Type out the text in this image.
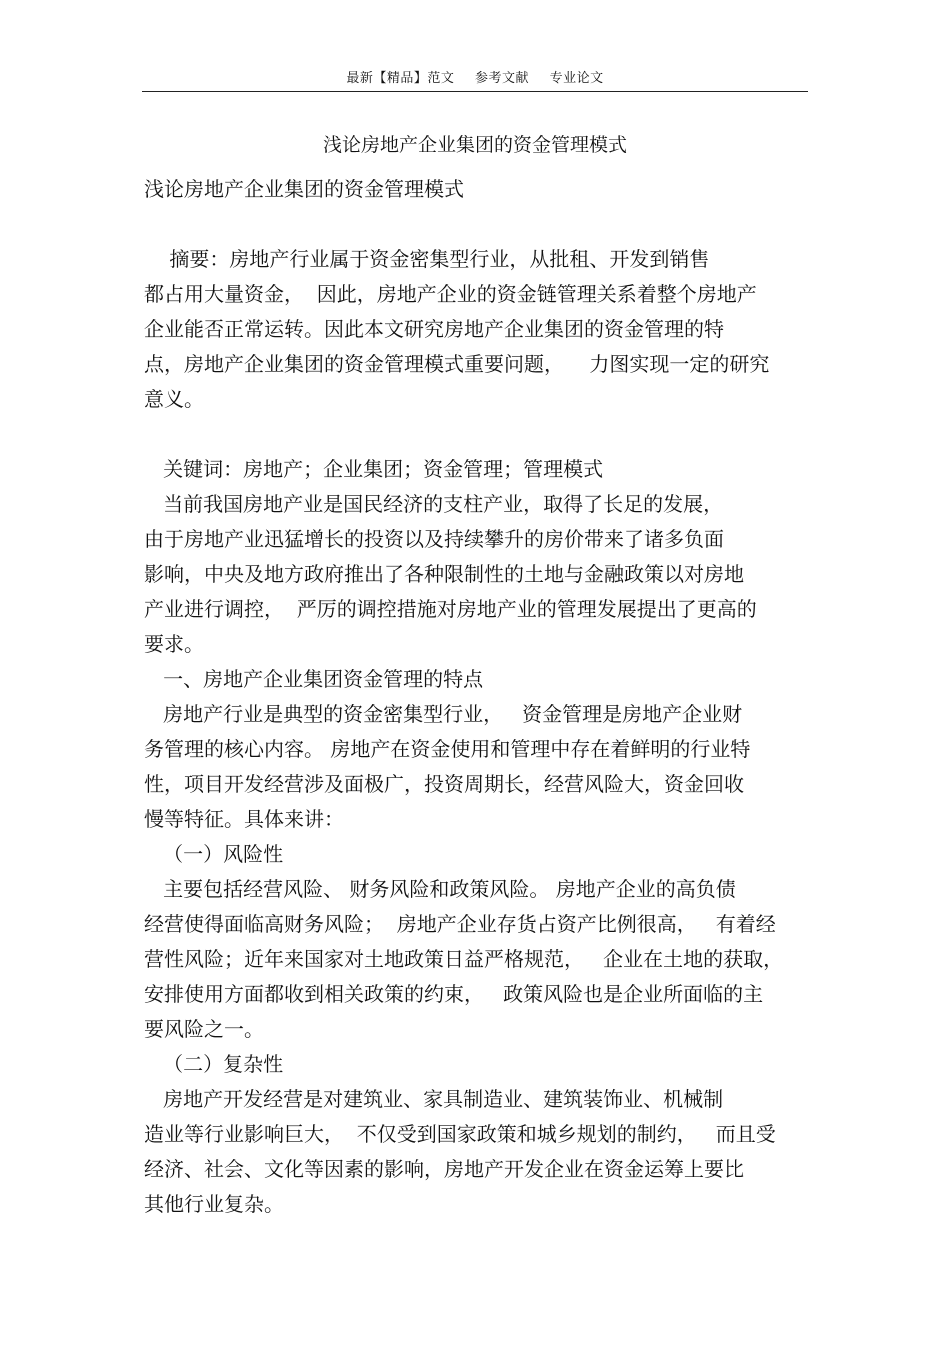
最新【精品】范文 参考文献 专业论文
浅论房地产企业集团的资金管理模式
浅论房地产企业集团的资金管理模式
摘要：房地产行业属于资金密集型行业，从批租、开发到销售
都占用大量资金，  因此，房地产企业的资金链管理关系着整个房地产
企业能否正常运转。因此本文研究房地产企业集团的资金管理的特
点，房地产企业集团的资金管理模式重要问题，    力图实现一定的研究
意义。
关键词：房地产；企业集团；资金管理；管理模式
当前我国房地产业是国民经济的支柱产业，取得了长足的发展，
由于房地产业迅猛增长的投资以及持续攀升的房价带来了诸多负面
影响，中央及地方政府推出了各种限制性的土地与金融政策以对房地
产业进行调控，  严厉的调控措施对房地产业的管理发展提出了更高的
要求。
一、房地产企业集团资金管理的特点
房地产行业是典型的资金密集型行业，   资金管理是房地产企业财
务管理的核心内容。 房地产在资金使用和管理中存在着鲜明的行业特
性，项目开发经营涉及面极广，投资周期长，经营风险大，资金回收
慢等特征。具体来讲：
（一）风险性
主要包括经营风险、 财务风险和政策风险。 房地产企业的高负债
经营使得面临高财务风险；  房地产企业存货占资产比例很高，   有着经
营性风险；近年来国家对土地政策日益严格规范，   企业在土地的获取，
安排使用方面都收到相关政策的约束，   政策风险也是企业所面临的主
要风险之一。
（二）复杂性
房地产开发经营是对建筑业、家具制造业、建筑装饰业、机械制
造业等行业影响巨大，  不仅受到国家政策和城乡规划的制约，   而且受
经济、社会、文化等因素的影响，房地产开发企业在资金运筹上要比
其他行业复杂。
